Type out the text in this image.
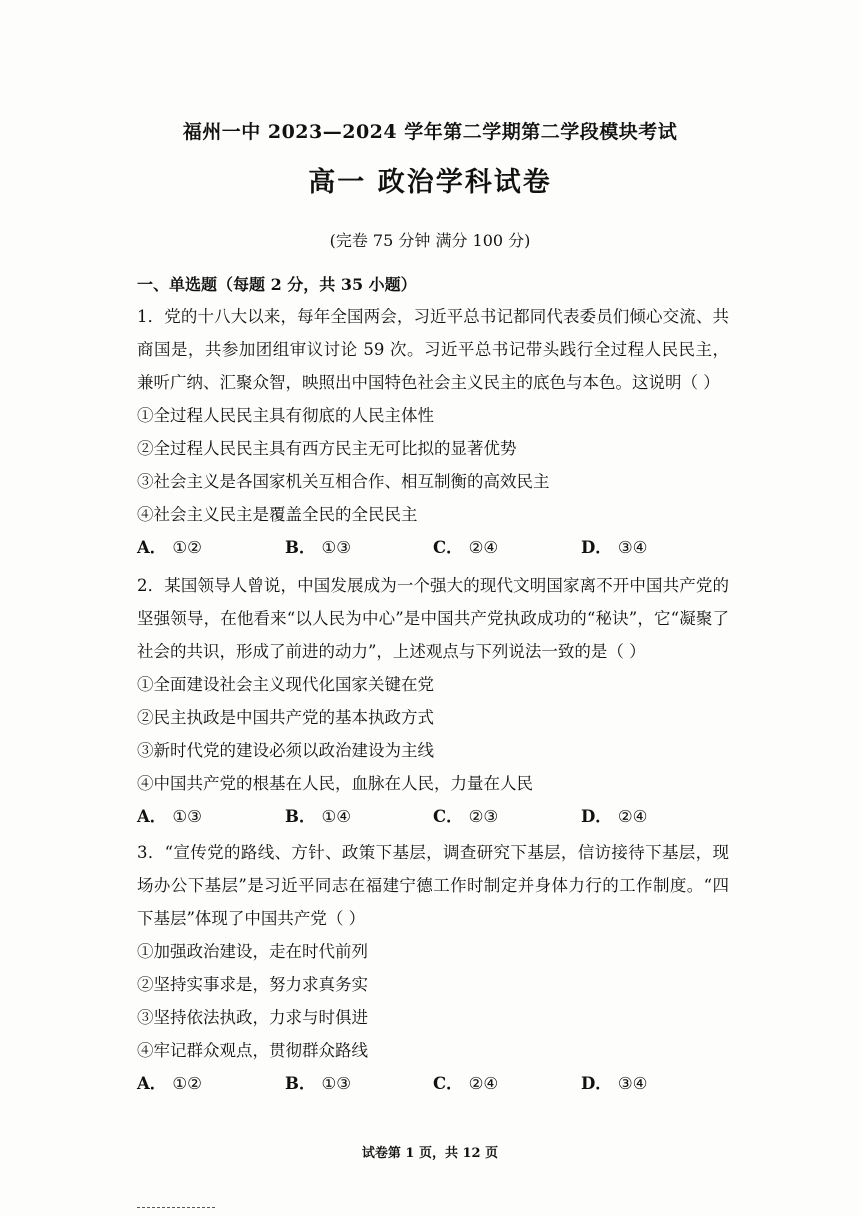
福州一中 2023—2024 学年第二学期第二学段模块考试
高一 政治学科试卷
(完卷 75 分钟 满分 100 分)
一、单选题（每题 2 分，共 35 小题）

1．党的十八大以来，每年全国两会，习近平总书记都同代表委员们倾心交流、共商国是，共参加团组审议讨论 59 次。习近平总书记带头践行全过程人民民主，兼听广纳、汇聚众智，映照出中国特色社会主义民主的底色与本色。这说明（ ）

①全过程人民民主具有彻底的人民主体性

②全过程人民民主具有西方民主无可比拟的显著优势

③社会主义是各国家机关互相合作、相互制衡的高效民主

④社会主义民主是覆盖全民的全民民主

A． ①②	B． ①③	C． ②④	D． ③④

2．某国领导人曾说，中国发展成为一个强大的现代文明国家离不开中国共产党的坚强领导，在他看来“以人民为中心”是中国共产党执政成功的“秘诀”，它“凝聚了社会的共识，形成了前进的动力”，上述观点与下列说法一致的是（ ）

①全面建设社会主义现代化国家关键在党

②民主执政是中国共产党的基本执政方式

③新时代党的建设必须以政治建设为主线

④中国共产党的根基在人民，血脉在人民，力量在人民

A． ①③	B． ①④	C． ②③	D． ②④

3．“宣传党的路线、方针、政策下基层，调查研究下基层，信访接待下基层，现场办公下基层”是习近平同志在福建宁德工作时制定并身体力行的工作制度。“四下基层”体现了中国共产党（ ）

①加强政治建设，走在时代前列

②坚持实事求是，努力求真务实

③坚持依法执政，力求与时俱进

④牢记群众观点，贯彻群众路线

A． ①②	B． ①③	C． ②④	D． ③④
试卷第 1 页，共 12 页
